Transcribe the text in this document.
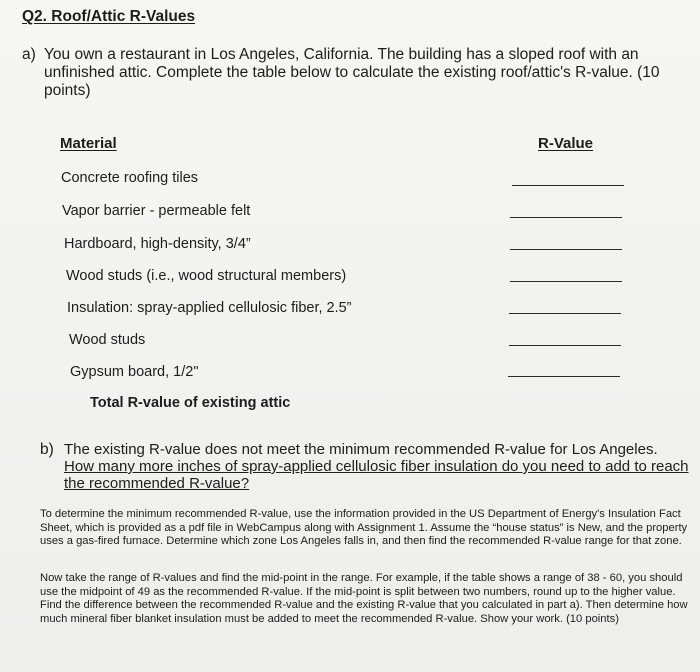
Q2. Roof/Attic R-Values
a) You own a restaurant in Los Angeles, California. The building has a sloped roof with an unfinished attic. Complete the table below to calculate the existing roof/attic's R-value. (10 points)
Material	R-Value
Concrete roofing tiles
Vapor barrier - permeable felt
Hardboard, high-density, 3/4”
Wood studs (i.e., wood structural members)
Insulation: spray-applied cellulosic fiber, 2.5”
Wood studs
Gypsum board, 1/2"
Total R-value of existing attic
b) The existing R-value does not meet the minimum recommended R-value for Los Angeles. How many more inches of spray-applied cellulosic fiber insulation do you need to add to reach the recommended R-value?
To determine the minimum recommended R-value, use the information provided in the US Department of Energy's Insulation Fact Sheet, which is provided as a pdf file in WebCampus along with Assignment 1. Assume the “house status” is New, and the property uses a gas-fired furnace. Determine which zone Los Angeles falls in, and then find the recommended R-value range for that zone.
Now take the range of R-values and find the mid-point in the range. For example, if the table shows a range of 38 - 60, you should use the midpoint of 49 as the recommended R-value. If the mid-point is split between two numbers, round up to the higher value. Find the difference between the recommended R-value and the existing R-value that you calculated in part a). Then determine how much mineral fiber blanket insulation must be added to meet the recommended R-value. Show your work. (10 points)
